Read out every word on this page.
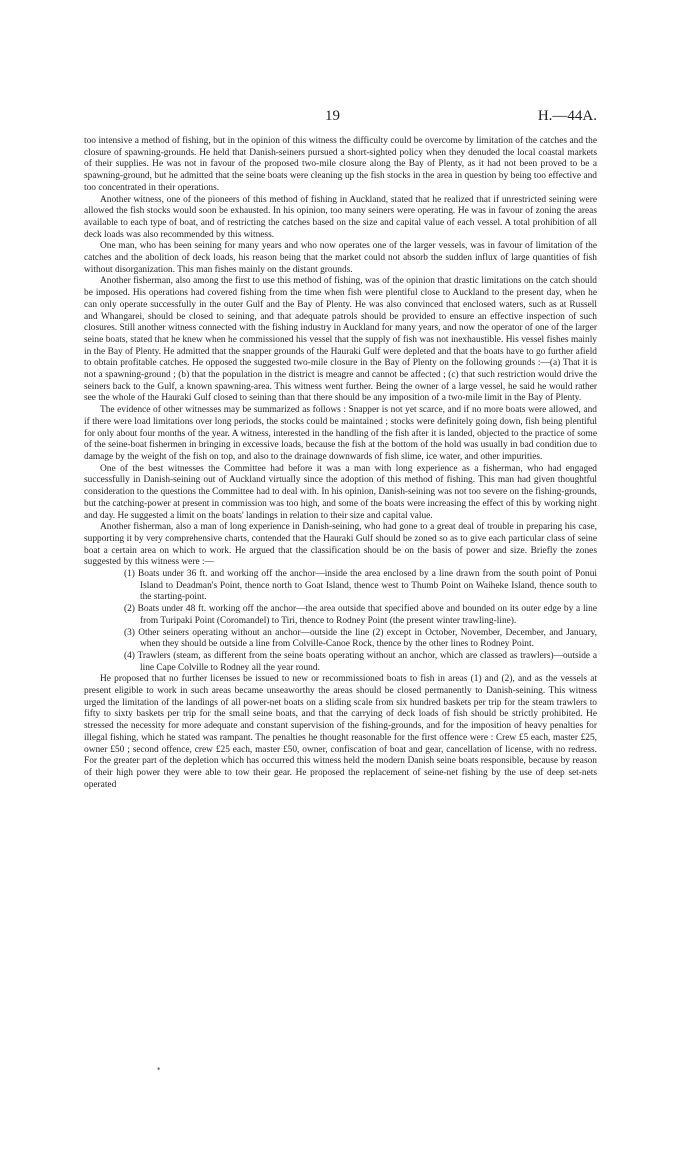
19	H.—44A.

too intensive a method of fishing, but in the opinion of this witness the difficulty could be overcome by limitation of the catches and the closure of spawning-grounds. He held that Danish-seiners pursued a short-sighted policy when they denuded the local coastal markets of their supplies. He was not in favour of the proposed two-mile closure along the Bay of Plenty, as it had not been proved to be a spawning-ground, but he admitted that the seine boats were cleaning up the fish stocks in the area in question by being too effective and too concentrated in their operations.

Another witness, one of the pioneers of this method of fishing in Auckland, stated that he realized that if unrestricted seining were allowed the fish stocks would soon be exhausted. In his opinion, too many seiners were operating. He was in favour of zoning the areas available to each type of boat, and of restricting the catches based on the size and capital value of each vessel. A total prohibition of all deck loads was also recommended by this witness.

One man, who has been seining for many years and who now operates one of the larger vessels, was in favour of limitation of the catches and the abolition of deck loads, his reason being that the market could not absorb the sudden influx of large quantities of fish without disorganization. This man fishes mainly on the distant grounds.

Another fisherman, also among the first to use this method of fishing, was of the opinion that drastic limitations on the catch should be imposed. His operations had covered fishing from the time when fish were plentiful close to Auckland to the present day, when he can only operate successfully in the outer Gulf and the Bay of Plenty. He was also convinced that enclosed waters, such as at Russell and Whangarei, should be closed to seining, and that adequate patrols should be provided to ensure an effective inspection of such closures. Still another witness connected with the fishing industry in Auckland for many years, and now the operator of one of the larger seine boats, stated that he knew when he commissioned his vessel that the supply of fish was not inexhaustible. His vessel fishes mainly in the Bay of Plenty. He admitted that the snapper grounds of the Hauraki Gulf were depleted and that the boats have to go further afield to obtain profitable catches. He opposed the suggested two-mile closure in the Bay of Plenty on the following grounds :—(a) That it is not a spawning-ground ; (b) that the population in the district is meagre and cannot be affected ; (c) that such restriction would drive the seiners back to the Gulf, a known spawning-area. This witness went further. Being the owner of a large vessel, he said he would rather see the whole of the Hauraki Gulf closed to seining than that there should be any imposition of a two-mile limit in the Bay of Plenty.

The evidence of other witnesses may be summarized as follows : Snapper is not yet scarce, and if no more boats were allowed, and if there were load limitations over long periods, the stocks could be maintained ; stocks were definitely going down, fish being plentiful for only about four months of the year. A witness, interested in the handling of the fish after it is landed, objected to the practice of some of the seine-boat fishermen in bringing in excessive loads, because the fish at the bottom of the hold was usually in bad condition due to damage by the weight of the fish on top, and also to the drainage downwards of fish slime, ice water, and other impurities.

One of the best witnesses the Committee had before it was a man with long experience as a fisherman, who had engaged successfully in Danish-seining out of Auckland virtually since the adoption of this method of fishing. This man had given thoughtful consideration to the questions the Committee had to deal with. In his opinion, Danish-seining was not too severe on the fishing-grounds, but the catching-power at present in commission was too high, and some of the boats were increasing the effect of this by working night and day. He suggested a limit on the boats' landings in relation to their size and capital value.

Another fisherman, also a man of long experience in Danish-seining, who had gone to a great deal of trouble in preparing his case, supporting it by very comprehensive charts, contended that the Hauraki Gulf should be zoned so as to give each particular class of seine boat a certain area on which to work. He argued that the classification should be on the basis of power and size. Briefly the zones suggested by this witness were :—

(1) Boats under 36 ft. and working off the anchor—inside the area enclosed by a line drawn from the south point of Ponui Island to Deadman's Point, thence north to Goat Island, thence west to Thumb Point on Waiheke Island, thence south to the starting-point.
(2) Boats under 48 ft. working off the anchor—the area outside that specified above and bounded on its outer edge by a line from Turipaki Point (Coromandel) to Tiri, thence to Rodney Point (the present winter trawling-line).
(3) Other seiners operating without an anchor—outside the line (2) except in October, November, December, and January, when they should be outside a line from Colville-Canoe Rock, thence by the other lines to Rodney Point.
(4) Trawlers (steam, as different from the seine boats operating without an anchor, which are classed as trawlers)—outside a line Cape Colville to Rodney all the year round.

He proposed that no further licenses be issued to new or recommissioned boats to fish in areas (1) and (2), and as the vessels at present eligible to work in such areas became unseaworthy the areas should be closed permanently to Danish-seining. This witness urged the limitation of the landings of all power-net boats on a sliding scale from six hundred baskets per trip for the steam trawlers to fifty to sixty baskets per trip for the small seine boats, and that the carrying of deck loads of fish should be strictly prohibited. He stressed the necessity for more adequate and constant supervision of the fishing-grounds, and for the imposition of heavy penalties for illegal fishing, which he stated was rampant. The penalties he thought reasonable for the first offence were : Crew £5 each, master £25, owner £50 ; second offence, crew £25 each, master £50, owner, confiscation of boat and gear, cancellation of license, with no redress. For the greater part of the depletion which has occurred this witness held the modern Danish seine boats responsible, because by reason of their high power they were able to tow their gear. He proposed the replacement of seine-net fishing by the use of deep set-nets operated

•
